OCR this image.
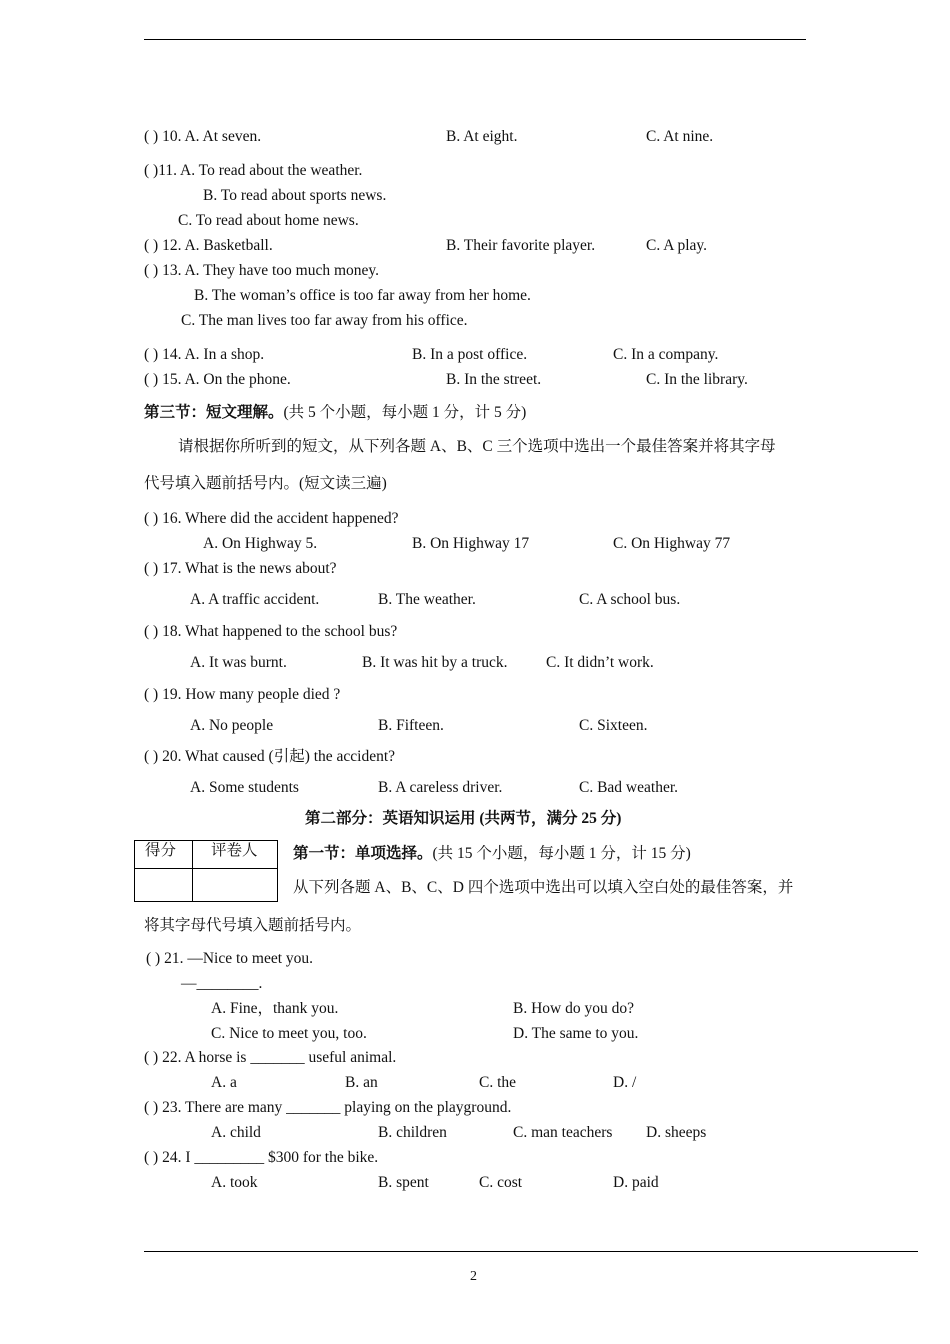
( ) 10. A. At seven.	B. At eight.	C. At nine.
( )11. A. To read about the weather.
B. To read about sports news.
C. To read about home news.
( ) 12. A. Basketball.	B. Their favorite player.	C. A play.
( ) 13. A. They have too much money.
B. The woman’s office is too far away from her home.
C. The man lives too far away from his office.
( ) 14. A. In a shop.	B. In a post office.	C. In a company.
( ) 15. A. On the phone.	B. In the street.	C. In the library.
第三节：短文理解。(共 5 个小题，每小题 1 分，计 5 分)
请根据你所听到的短文，从下列各题 A、B、C 三个选项中选出一个最佳答案并将其字母
代号填入题前括号内。(短文读三遍)
( ) 16. Where did the accident happened?
A. On Highway 5.	B. On Highway 17	C. On Highway 77
( ) 17. What is the news about?
A. A traffic accident.	B. The weather.	C. A school bus.
( ) 18. What happened to the school bus?
A. It was burnt.	B. It was hit by a truck. C. It didn’t work.
( ) 19. How many people died ?
A. No people	B. Fifteen.	C. Sixteen.
( ) 20. What caused (引起) the accident?
A. Some students	B. A careless driver.	C. Bad weather.
第二部分：英语知识运用 (共两节，满分 25 分)
得分 评卷人 第一节：单项选择。(共 15 个小题，每小题 1 分，计 15 分)
从下列各题 A、B、C、D 四个选项中选出可以填入空白处的最佳答案，并
将其字母代号填入题前括号内。
( ) 21. —Nice to meet you.
—________.
A. Fine，thank you.	B. How do you do?
C. Nice to meet you, too.	D. The same to you.
( ) 22. A horse is _______ useful animal.
A. a	B. an	C. the	D. /
( ) 23. There are many _______ playing on the playground.
A. child	B. children	C. man teachers D. sheeps
( ) 24. I _________ $300 for the bike.
A. took	B. spent	C. cost	D. paid
2
